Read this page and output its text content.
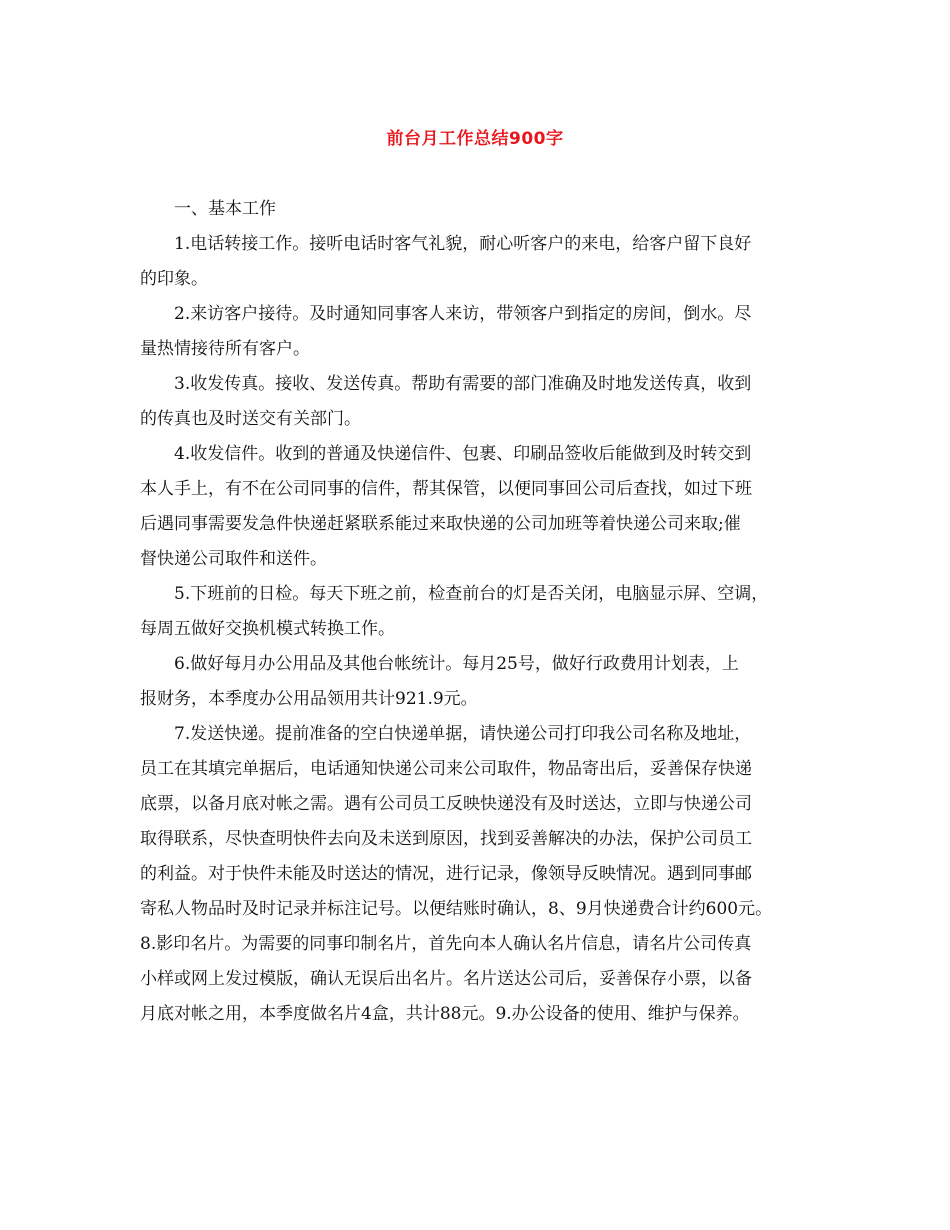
前台月工作总结900字
一、基本工作
1.电话转接工作。接听电话时客气礼貌，耐心听客户的来电，给客户留下良好
的印象。
2.来访客户接待。及时通知同事客人来访，带领客户到指定的房间，倒水。尽
量热情接待所有客户。
3.收发传真。接收、发送传真。帮助有需要的部门准确及时地发送传真，收到
的传真也及时送交有关部门。
4.收发信件。收到的普通及快递信件、包裹、印刷品签收后能做到及时转交到
本人手上，有不在公司同事的信件，帮其保管，以便同事回公司后查找，如过下班
后遇同事需要发急件快递赶紧联系能过来取快递的公司加班等着快递公司来取;催
督快递公司取件和送件。
5.下班前的日检。每天下班之前，检查前台的灯是否关闭，电脑显示屏、空调，
每周五做好交换机模式转换工作。
6.做好每月办公用品及其他台帐统计。每月25号，做好行政费用计划表，上
报财务，本季度办公用品领用共计921.9元。
7.发送快递。提前准备的空白快递单据，请快递公司打印我公司名称及地址，
员工在其填完单据后，电话通知快递公司来公司取件，物品寄出后，妥善保存快递
底票，以备月底对帐之需。遇有公司员工反映快递没有及时送达，立即与快递公司
取得联系，尽快查明快件去向及未送到原因，找到妥善解决的办法，保护公司员工
的利益。对于快件未能及时送达的情况，进行记录，像领导反映情况。遇到同事邮
寄私人物品时及时记录并标注记号。以便结账时确认，8、9月快递费合计约600元。
8.影印名片。为需要的同事印制名片，首先向本人确认名片信息，请名片公司传真
小样或网上发过模版，确认无误后出名片。名片送达公司后，妥善保存小票，以备
月底对帐之用，本季度做名片4盒，共计88元。9.办公设备的使用、维护与保养。
